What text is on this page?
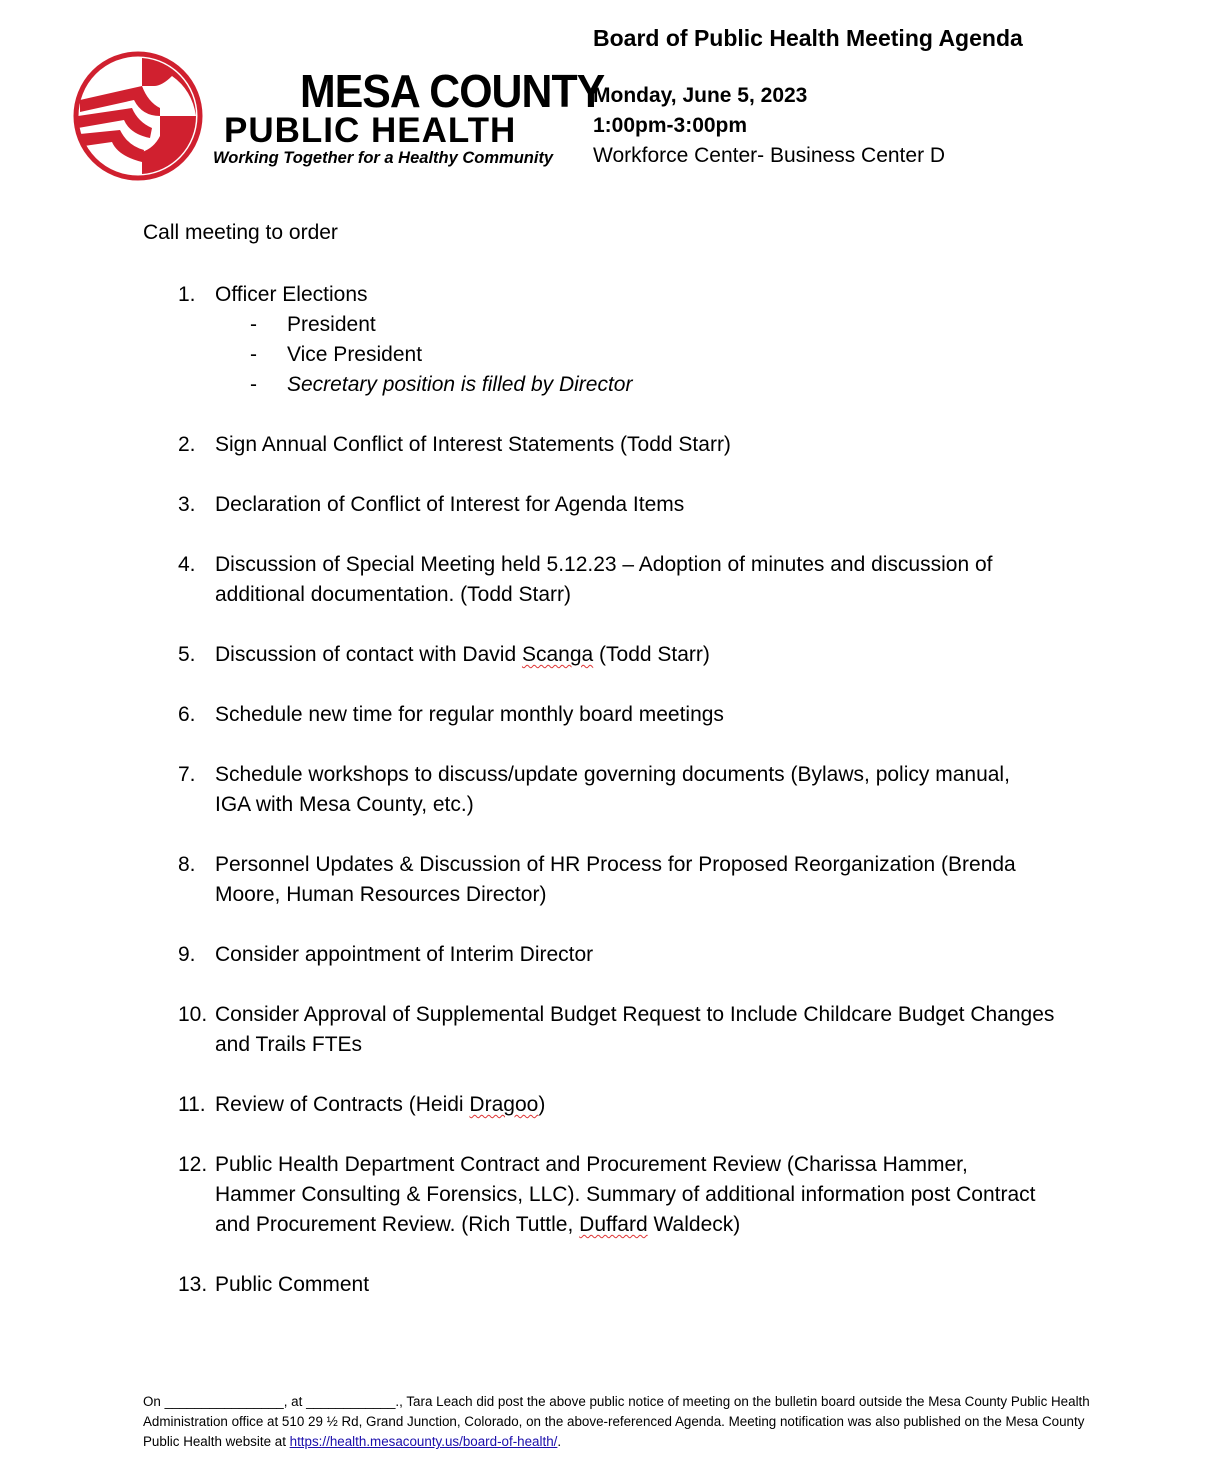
MESA COUNTY
PUBLIC HEALTH
Working Together for a Healthy Community
Board of Public Health Meeting Agenda
Monday, June 5, 2023
1:00pm-3:00pm
Workforce Center- Business Center D
Call meeting to order
1. Officer Elections
- President
- Vice President
- Secretary position is filled by Director
2. Sign Annual Conflict of Interest Statements (Todd Starr)
3. Declaration of Conflict of Interest for Agenda Items
4. Discussion of Special Meeting held 5.12.23 – Adoption of minutes and discussion of
additional documentation. (Todd Starr)
5. Discussion of contact with David Scanga (Todd Starr)
6. Schedule new time for regular monthly board meetings
7. Schedule workshops to discuss/update governing documents (Bylaws, policy manual,
IGA with Mesa County, etc.)
8. Personnel Updates & Discussion of HR Process for Proposed Reorganization (Brenda
Moore, Human Resources Director)
9. Consider appointment of Interim Director
10. Consider Approval of Supplemental Budget Request to Include Childcare Budget Changes
and Trails FTEs
11. Review of Contracts (Heidi Dragoo)
12. Public Health Department Contract and Procurement Review (Charissa Hammer,
Hammer Consulting & Forensics, LLC). Summary of additional information post Contract
and Procurement Review. (Rich Tuttle, Duffard Waldeck)
13. Public Comment
On ________________, at ____________., Tara Leach did post the above public notice of meeting on the bulletin board outside the Mesa County Public Health Administration office at 510 29 ½ Rd, Grand Junction, Colorado, on the above-referenced Agenda. Meeting notification was also published on the Mesa County Public Health website at https://health.mesacounty.us/board-of-health/.
